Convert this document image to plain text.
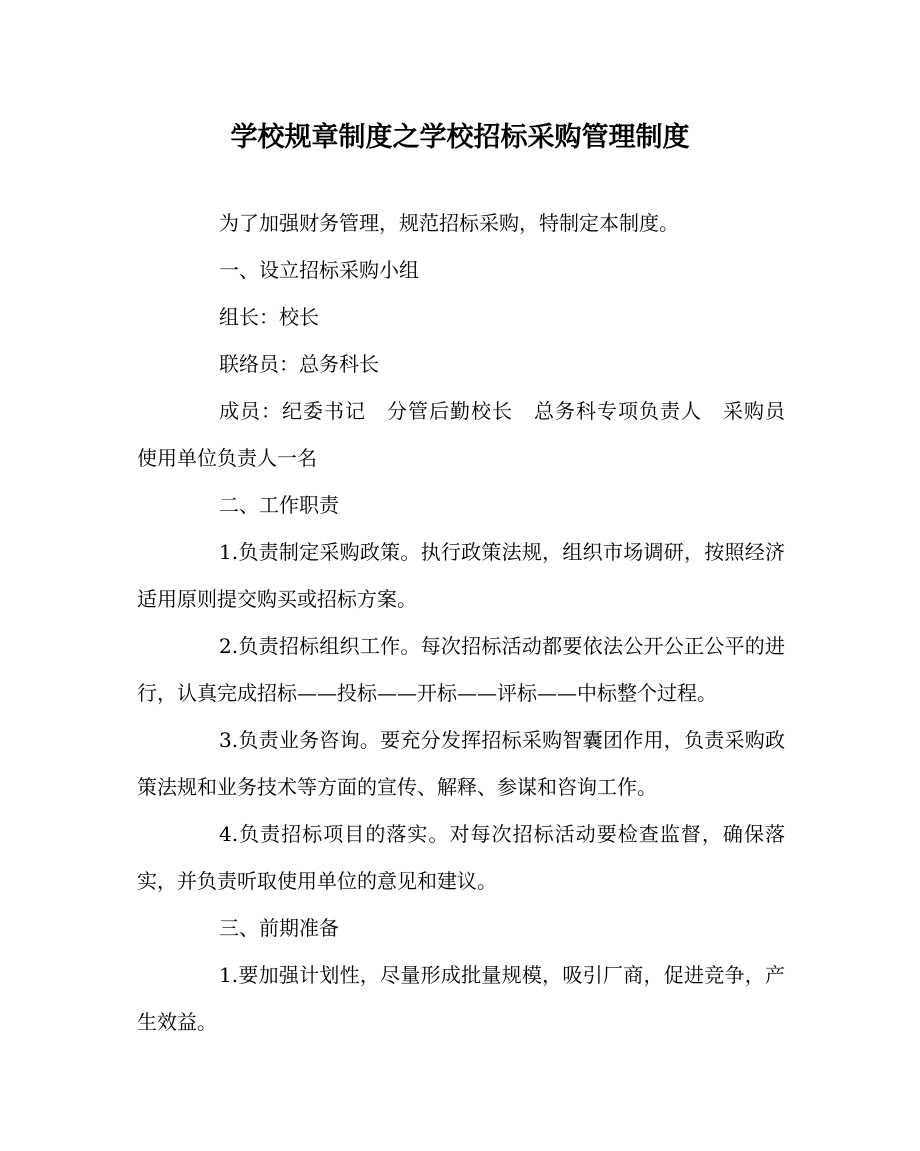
学校规章制度之学校招标采购管理制度

为了加强财务管理，规范招标采购，特制定本制度。

一、设立招标采购小组

组长：校长

联络员：总务科长

成员：纪委书记　分管后勤校长　总务科专项负责人　采购员　使用单位负责人一名

二、工作职责

1.负责制定采购政策。执行政策法规，组织市场调研，按照经济适用原则提交购买或招标方案。

2.负责招标组织工作。每次招标活动都要依法公开公正公平的进行，认真完成招标——投标——开标——评标——中标整个过程。

3.负责业务咨询。要充分发挥招标采购智囊团作用，负责采购政策法规和业务技术等方面的宣传、解释、参谋和咨询工作。

4.负责招标项目的落实。对每次招标活动要检查监督，确保落实，并负责听取使用单位的意见和建议。

三、前期准备

1.要加强计划性，尽量形成批量规模，吸引厂商，促进竞争，产生效益。
